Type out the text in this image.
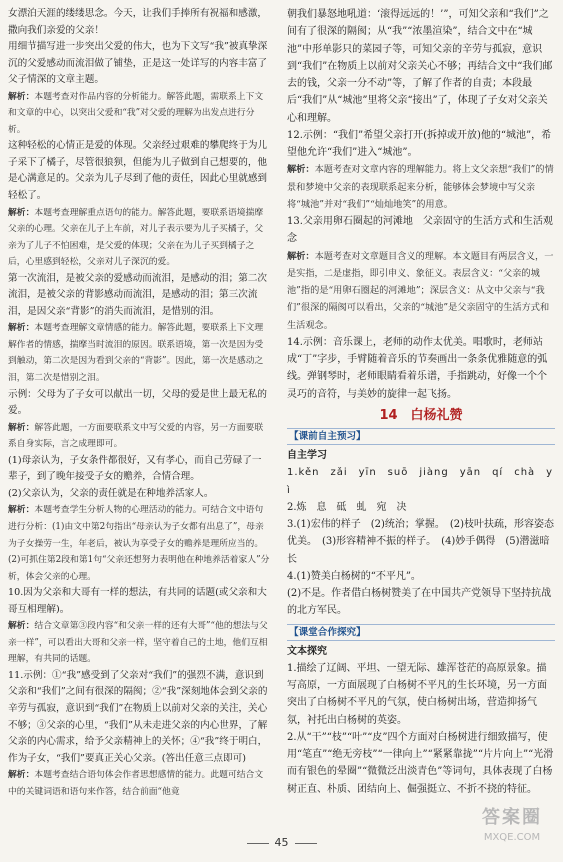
女漂泊天涯的缕缕思念。今天，让我们手捧所有祝福和感激，撒向我们亲爱的父亲！

用细节描写进一步突出父爱的伟大，也为下文写“我”被真挚深沉的父爱感动而流泪做了铺垫，正是这一处详写的内容丰富了父子情深的文章主题。

解析：本题考查对作品内容的分析能力。解答此题，需联系上下文和文章的中心，以突出父爱和“我”对父爱的理解为出发点进行分析。

这种轻松的心情正是爱的体现。父亲经过艰难的攀爬终于为儿子采下了橘子，尽管很狼狈，但能为儿子做到自己想要的，他是心满意足的。父亲为儿子尽到了他的责任，因此心里就感到轻松了。

解析：本题考查理解重点语句的能力。解答此题，要联系语境揣摩父亲的心理。父亲在儿子上车前，对儿子表示要为儿子买橘子，父亲为了儿子不怕困难，是父爱的体现；父亲在为儿子买到橘子之后，心里感到轻松，父亲对儿子深沉的爱。

第一次流泪，是被父亲的爱感动而流泪，是感动的泪；第二次流泪，是被父亲的背影感动而流泪，是感动的泪；第三次流泪，是因父亲“背影”的消失而流泪，是惜别的泪。

解析：本题考查理解文章情感的能力。解答此题，要联系上下文理解作者的情感，揣摩当时流泪的原因。联系语境，第一次是因为受到触动，第二次是因为看到父亲的“背影”。因此，第一次是感动之泪，第二次是惜别之泪。

示例：父母为了子女可以献出一切，父母的爱是世上最无私的爱。

解析：解答此题，一方面要联系文中写父爱的内容，另一方面要联系自身实际，言之成理即可。

(1)母亲认为，子女条件都很好，又有孝心，而自己劳碌了一辈子，到了晚年接受子女的赡养，合情合理。

(2)父亲认为，父亲的责任就是在种地养活家人。

解析：本题考查学生分析人物的心理活动的能力。可结合文中语句进行分析：(1)由文中第2句指出“母亲认为子女都有出息了”，母亲为子女操劳一生，年老后，被认为享受子女的赡养是理所应当的。(2)可抓住第2段和第1句“父亲还想努力表明他在种地养活着家人”分析，体会父亲的心理。

10.因为父亲和大哥有一样的想法，有共同的话题(或父亲和大哥互相理解)。

解析：结合文章第③段内容“和父亲一样的还有大哥”“他的想法与父亲一样”，可以看出大哥和父亲一样，坚守着自己的土地，他们互相理解，有共同的话题。

11.示例：①“我”感受到了父亲对“我们”的强烈不满，意识到父亲和“我们”之间有很深的隔阂；②“我”深刻地体会到父亲的辛劳与孤寂，意识到“我们”在物质上以前对父亲的关注，关心不够；③父亲的心里，“我们”从未走进父亲的内心世界，了解父亲的内心需求，给予父亲精神上的关怀；④“我”终于明白，作为子女，“我们”要真正关心父亲。(答出任意三点即可)

解析：本题考查结合语句体会作者思想感情的能力。此题可结合文中的关键词语和语句来作答，结合前面“他竟

朝我们暴怒地吼道：‘滚得远远的！’”，可知父亲和“我们”之间有了很深的隔阂；从“我”“浓墨渲染”，结合文中在“城池”中形单影只的菜园子等，可知父亲的辛劳与孤寂，意识到“我们”在物质上以前对父亲关心不够；再结合文中“我们邮去的钱，父亲一分不动”等，了解了作者的自责；本段最后“我们”从“城池”里将父亲“接出”了，体现了子女对父亲关心和理解。

12.示例：“我们”希望父亲打开(拆掉或开放)他的“城池”，希望他允许“我们”进入“城池”。

解析：本题考查对文章内容的理解能力。将上文父亲想“我们”的情景和梦境中父亲的表现联系起来分析，能够体会梦境中写父亲将“城池”并对“我们”“灿灿地笑”的用意。

13.父亲用卵石圈起的河滩地　父亲固守的生活方式和生活观念

解析：本题考查对文章题目含义的理解。本文题目有两层含义，一是实指，二是虚指，即引申义、象征义。表层含义：“父亲的城池”指的是“用卵石圈起的河滩地”；深层含义：从文中父亲与“我们”很深的隔阂可以看出，父亲的“城池”是父亲固守的生活方式和生活观念。

14.示例：音乐课上，老师的动作太优美。唱歌时，老师站成“丁”字步，手臂随着音乐的节奏画出一条条优雅随意的弧线。弹钢琴时，老师眼睛看着乐谱，手指跳动，好像一个个灵巧的音符，与美妙的旋律一起飞扬。

14　白杨礼赞
【课前自主预习】
自主学习

1.kěn　zǎi　yīn　suō　jiàng　yān　qí　chà　yì

2.炼　息　砥　虬　宛　决

3.(1)宏伟的样子　(2)统治；掌握。　(2)枝叶扶疏，形容姿态优美。　(3)形容精神不振的样子。　(4)妙手偶得　(5)潜滋暗长

4.(1)赞美白杨树的“不平凡”。

(2)不是。作者借白杨树赞美了在中国共产党领导下坚持抗战的北方军民。

【课堂合作探究】
文本探究

1.描绘了辽阔、平坦、一望无际、雄浑苍茫的高原景象。描写高原，一方面展现了白杨树不平凡的生长环境，另一方面突出了白杨树不平凡的气氛，使白杨树出场，营造抑扬气氛，衬托出白杨树的英姿。

2.从“干”“枝”“叶”“皮”四个方面对白杨树进行细致描写，使用“笔直”“绝无旁枝”“一律向上”“紧紧靠拢”“片片向上”“光滑而有银色的晕圈”“微微泛出淡青色”等词句，具体表现了白杨树正直、朴质、团结向上、倔强挺立、不折不挠的特征。

45
答案圈
MXQE.COM
